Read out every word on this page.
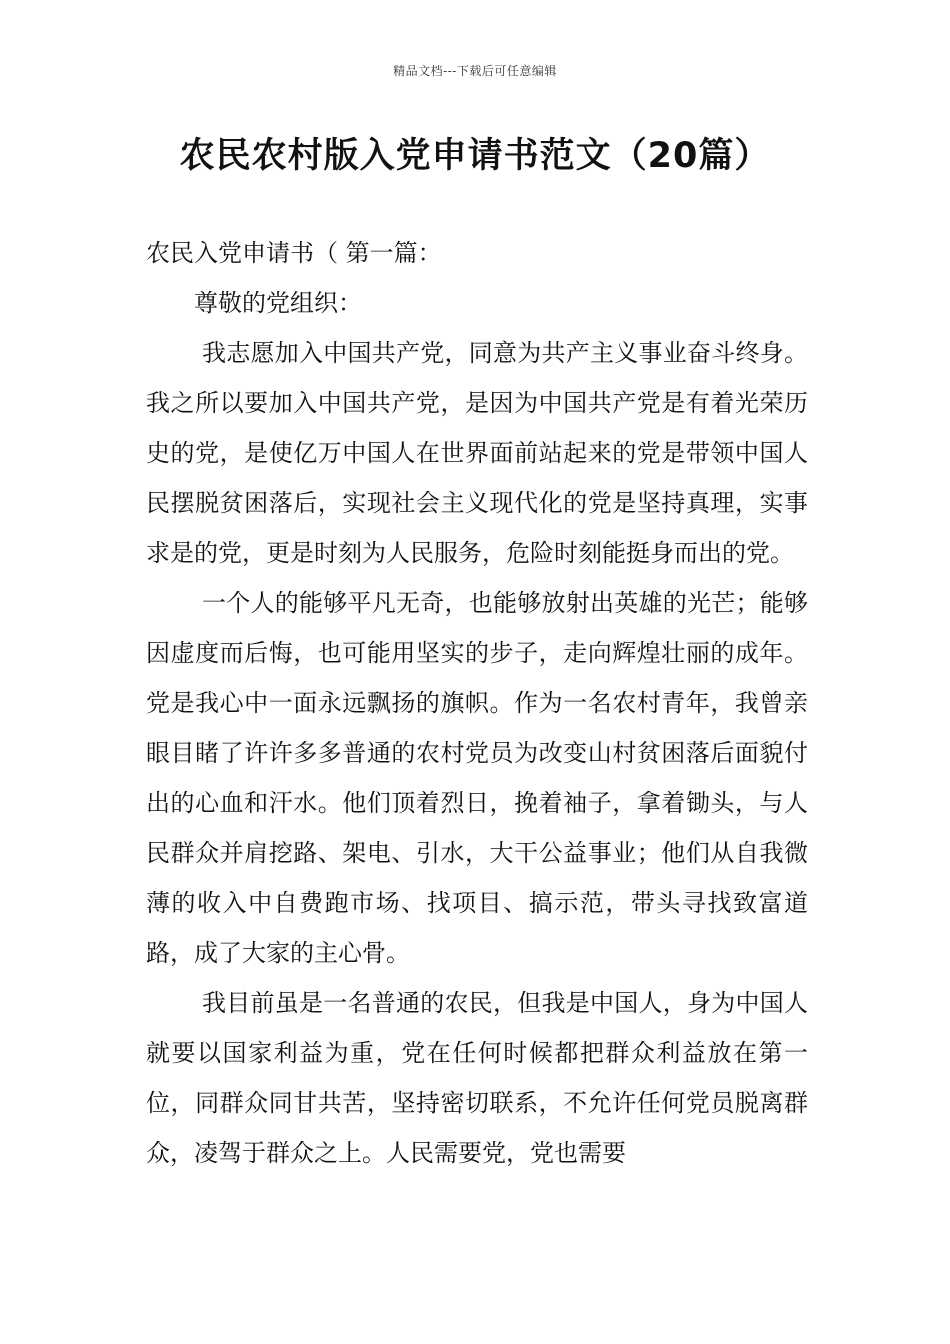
精品文档---下载后可任意编辑
农民农村版入党申请书范文（20篇）

农民入党申请书（ 第一篇：

尊敬的党组织：

我志愿加入中国共产党，同意为共产主义事业奋斗终身。我之所以要加入中国共产党，是因为中国共产党是有着光荣历史的党，是使亿万中国人在世界面前站起来的党是带领中国人民摆脱贫困落后，实现社会主义现代化的党是坚持真理，实事求是的党，更是时刻为人民服务，危险时刻能挺身而出的党。

一个人的能够平凡无奇，也能够放射出英雄的光芒；能够因虚度而后悔，也可能用坚实的步子，走向辉煌壮丽的成年。党是我心中一面永远飘扬的旗帜。作为一名农村青年，我曾亲眼目睹了许许多多普通的农村党员为改变山村贫困落后面貌付出的心血和汗水。他们顶着烈日，挽着袖子，拿着锄头，与人民群众并肩挖路、架电、引水，大干公益事业；他们从自我微薄的收入中自费跑市场、找项目、搞示范，带头寻找致富道路，成了大家的主心骨。

我目前虽是一名普通的农民，但我是中国人，身为中国人就要以国家利益为重，党在任何时候都把群众利益放在第一位，同群众同甘共苦，坚持密切联系，不允许任何党员脱离群众，凌驾于群众之上。人民需要党，党也需要
